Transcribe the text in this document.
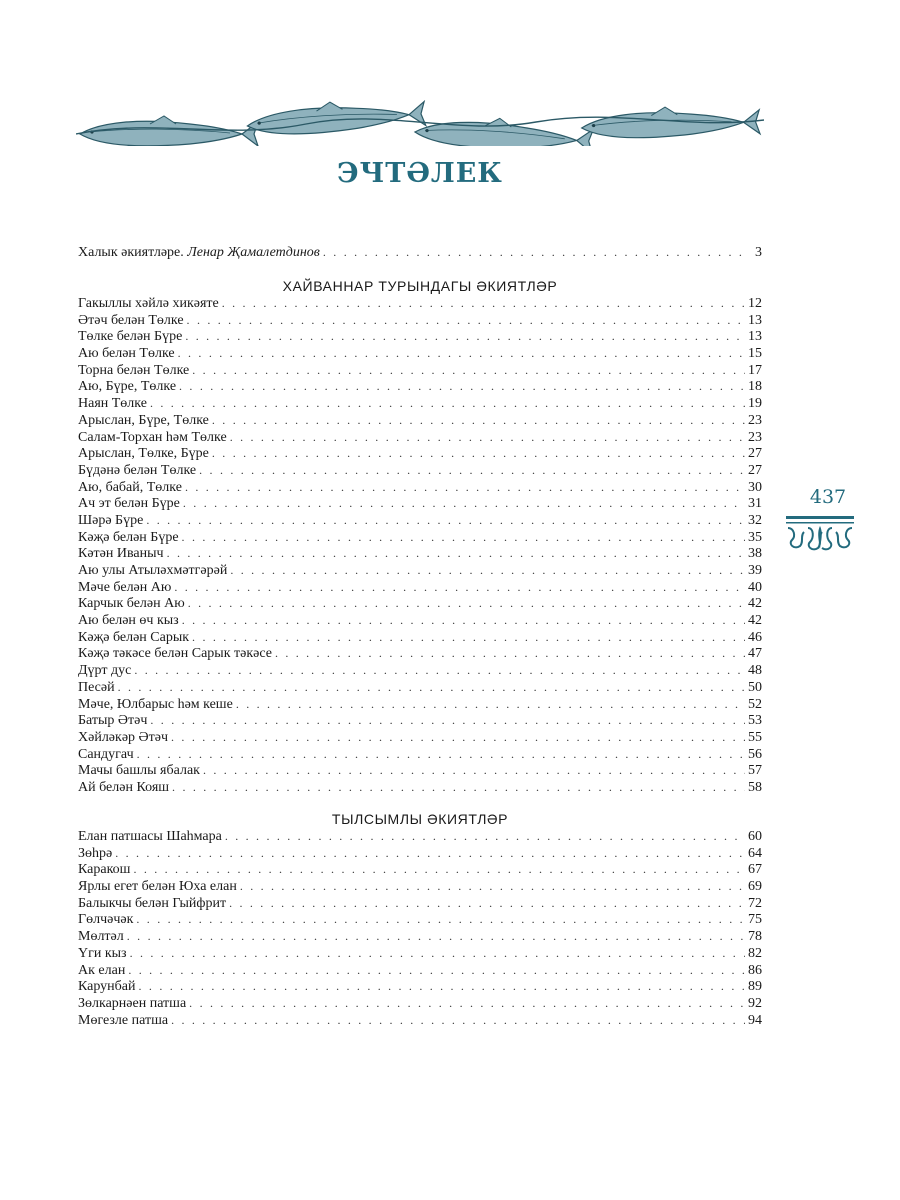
ЭЧТӘЛЕК
Халык әкиятләре. Ленар Җамалетдинов . . .	3
ХАЙВАННАР ТУРЫНДАГЫ ӘКИЯТЛӘР
Гакыллы хәйлә хикәяте . . .	12
Әтәч белән Төлке . . .	13
Төлке белән Бүре . . .	13
Аю белән Төлке . . .	15
Торна белән Төлке . . .	17
Аю, Бүре, Төлке . . .	18
Наян Төлке . . .	19
Арыслан, Бүре, Төлке . . .	23
Салам-Торхан һәм Төлке . . .	23
Арыслан, Төлке, Бүре . . .	27
Бүдәнә белән Төлке . . .	27
Аю, бабай, Төлке . . .	30
Ач эт белән Бүре . . .	31
Шәрә Бүре . . .	32
Кәҗә белән Бүре . . .	35
Кәтән Иваныч . . .	38
Аю улы Атыләхмәтгәрәй . . .	39
Мәче белән Аю . . .	40
Карчык белән Аю . . .	42
Аю белән өч кыз . . .	42
Кәҗә белән Сарык . . .	46
Кәҗә тәкәсе белән Сарык тәкәсе . . .	47
Дүрт дус . . .	48
Песәй . . .	50
Мәче, Юлбарыс һәм кеше . . .	52
Батыр Әтәч . . .	53
Хәйләкәр Әтәч . . .	55
Сандугач . . .	56
Мачы башлы ябалак . . .	57
Ай белән Кояш . . .	58
ТЫЛСЫМЛЫ ӘКИЯТЛӘР
Елан патшасы Шаһмара . . .	60
Зөһрә . . .	64
Каракош . . .	67
Ярлы егет белән Юха елан . . .	69
Балыкчы белән Гыйфрит . . .	72
Гөлчәчәк . . .	75
Мөлтәл . . .	78
Үги кыз . . .	82
Ак елан . . .	86
Карунбай . . .	89
Зөлкарнәен патша . . .	92
Мөгезле патша . . .	94
437
